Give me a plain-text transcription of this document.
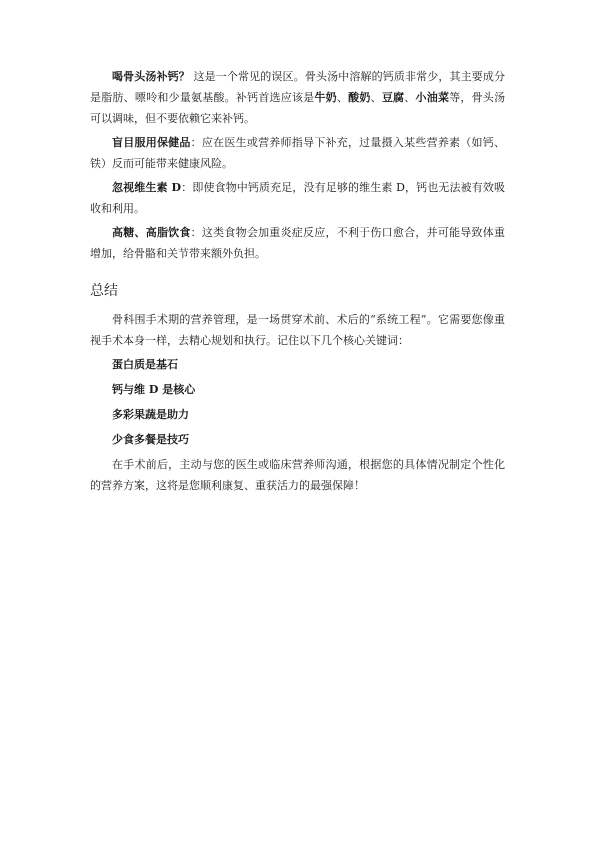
喝骨头汤补钙？ 这是一个常见的误区。骨头汤中溶解的钙质非常少，其主要成分是脂肪、嘌呤和少量氨基酸。补钙首选应该是牛奶、酸奶、豆腐、小油菜等，骨头汤可以调味，但不要依赖它来补钙。

盲目服用保健品：应在医生或营养师指导下补充，过量摄入某些营养素（如钙、铁）反而可能带来健康风险。

忽视维生素 D：即使食物中钙质充足，没有足够的维生素 D，钙也无法被有效吸收和利用。

高糖、高脂饮食：这类食物会加重炎症反应，不利于伤口愈合，并可能导致体重增加，给骨骼和关节带来额外负担。

总结

骨科围手术期的营养管理，是一场贯穿术前、术后的“系统工程”。它需要您像重视手术本身一样，去精心规划和执行。记住以下几个核心关键词：

蛋白质是基石
钙与维 D 是核心
多彩果蔬是助力
少食多餐是技巧

在手术前后，主动与您的医生或临床营养师沟通，根据您的具体情况制定个性化的营养方案，这将是您顺利康复、重获活力的最强保障！
